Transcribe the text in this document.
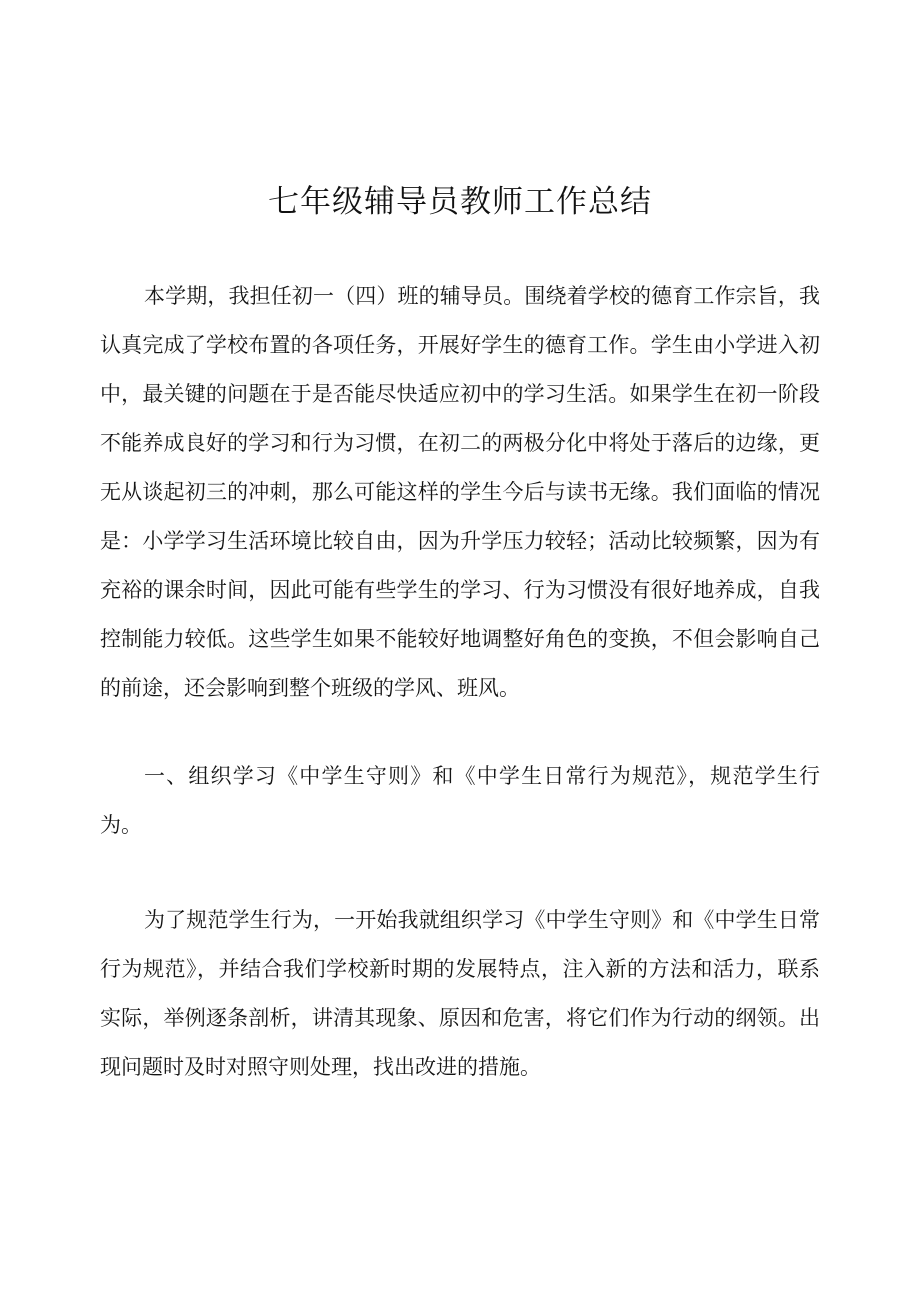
七年级辅导员教师工作总结

本学期，我担任初一（四）班的辅导员。围绕着学校的德育工作宗旨，我认真完成了学校布置的各项任务，开展好学生的德育工作。学生由小学进入初中，最关键的问题在于是否能尽快适应初中的学习生活。如果学生在初一阶段不能养成良好的学习和行为习惯，在初二的两极分化中将处于落后的边缘，更无从谈起初三的冲刺，那么可能这样的学生今后与读书无缘。我们面临的情况是：小学学习生活环境比较自由，因为升学压力较轻；活动比较频繁，因为有充裕的课余时间，因此可能有些学生的学习、行为习惯没有很好地养成，自我控制能力较低。这些学生如果不能较好地调整好角色的变换，不但会影响自己的前途，还会影响到整个班级的学风、班风。

一、组织学习《中学生守则》和《中学生日常行为规范》，规范学生行为。

为了规范学生行为，一开始我就组织学习《中学生守则》和《中学生日常行为规范》，并结合我们学校新时期的发展特点，注入新的方法和活力，联系实际，举例逐条剖析，讲清其现象、原因和危害，将它们作为行动的纲领。出现问题时及时对照守则处理，找出改进的措施。
